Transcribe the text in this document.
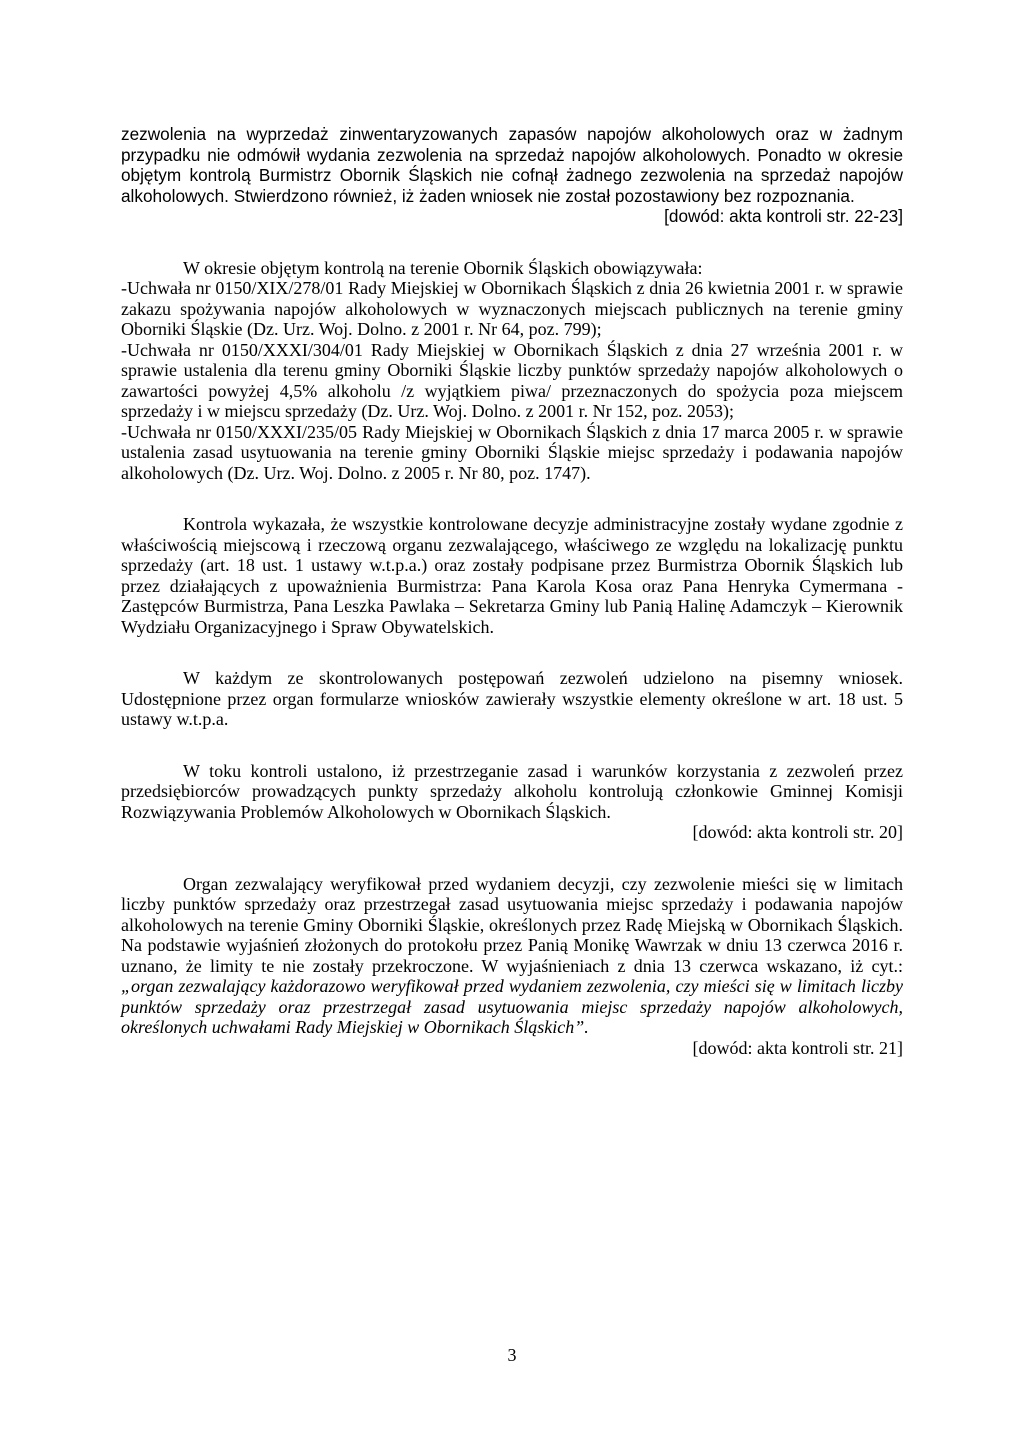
zezwolenia na wyprzedaż zinwentaryzowanych zapasów napojów alkoholowych oraz w żadnym przypadku nie odmówił wydania zezwolenia na sprzedaż napojów alkoholowych. Ponadto w okresie objętym kontrolą Burmistrz Obornik Śląskich nie cofnął żadnego zezwolenia na sprzedaż napojów alkoholowych. Stwierdzono również, iż żaden wniosek nie został pozostawiony bez rozpoznania.

[dowód: akta kontroli str. 22-23]

W okresie objętym kontrolą na terenie Obornik Śląskich obowiązywała:

-Uchwała nr 0150/XIX/278/01 Rady Miejskiej w Obornikach Śląskich z dnia 26 kwietnia 2001 r. w sprawie zakazu spożywania napojów alkoholowych w wyznaczonych miejscach publicznych na terenie gminy Oborniki Śląskie (Dz. Urz. Woj. Dolno. z 2001 r. Nr 64, poz. 799);

-Uchwała nr 0150/XXXI/304/01 Rady Miejskiej w Obornikach Śląskich z dnia 27 września 2001 r. w sprawie ustalenia dla terenu gminy Oborniki Śląskie liczby punktów sprzedaży napojów alkoholowych o zawartości powyżej 4,5% alkoholu /z wyjątkiem piwa/ przeznaczonych do spożycia poza miejscem sprzedaży i w miejscu sprzedaży (Dz. Urz. Woj. Dolno. z 2001 r. Nr 152, poz. 2053);

-Uchwała nr 0150/XXXI/235/05 Rady Miejskiej w Obornikach Śląskich z dnia 17 marca 2005 r. w sprawie ustalenia zasad usytuowania na terenie gminy Oborniki Śląskie miejsc sprzedaży i podawania napojów alkoholowych (Dz. Urz. Woj. Dolno. z 2005 r. Nr 80, poz. 1747).

Kontrola wykazała, że wszystkie kontrolowane decyzje administracyjne zostały wydane zgodnie z właściwością miejscową i rzeczową organu zezwalającego, właściwego ze względu na lokalizację punktu sprzedaży (art. 18 ust. 1 ustawy w.t.p.a.) oraz zostały podpisane przez Burmistrza Obornik Śląskich lub przez działających z upoważnienia Burmistrza: Pana Karola Kosa oraz Pana Henryka Cymermana - Zastępców Burmistrza, Pana Leszka Pawlaka – Sekretarza Gminy lub Panią Halinę Adamczyk – Kierownik Wydziału Organizacyjnego i Spraw Obywatelskich.

W każdym ze skontrolowanych postępowań zezwoleń udzielono na pisemny wniosek. Udostępnione przez organ formularze wniosków zawierały wszystkie elementy określone w art. 18 ust. 5 ustawy w.t.p.a.

W toku kontroli ustalono, iż przestrzeganie zasad i warunków korzystania z zezwoleń przez przedsiębiorców prowadzących punkty sprzedaży alkoholu kontrolują członkowie Gminnej Komisji Rozwiązywania Problemów Alkoholowych w Obornikach Śląskich.

[dowód: akta kontroli str. 20]

Organ zezwalający weryfikował przed wydaniem decyzji, czy zezwolenie mieści się w limitach liczby punktów sprzedaży oraz przestrzegał zasad usytuowania miejsc sprzedaży i podawania napojów alkoholowych na terenie Gminy Oborniki Śląskie, określonych przez Radę Miejską w Obornikach Śląskich. Na podstawie wyjaśnień złożonych do protokołu przez Panią Monikę Wawrzak w dniu 13 czerwca 2016 r. uznano, że limity te nie zostały przekroczone. W wyjaśnieniach z dnia 13 czerwca wskazano, iż cyt.: „organ zezwalający każdorazowo weryfikował przed wydaniem zezwolenia, czy mieści się w limitach liczby punktów sprzedaży oraz przestrzegał zasad usytuowania miejsc sprzedaży napojów alkoholowych, określonych uchwałami Rady Miejskiej w Obornikach Śląskich”.

[dowód: akta kontroli str. 21]

3
